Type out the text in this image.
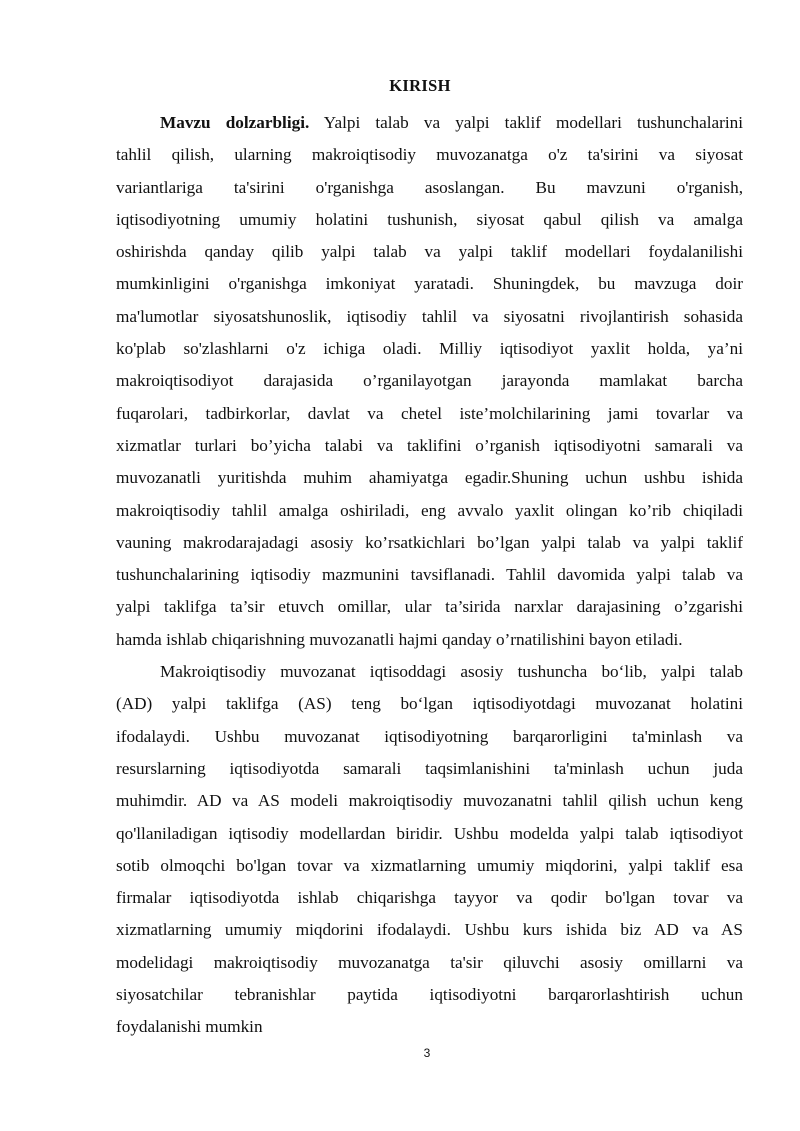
KIRISH
Mavzu dolzarbligi. Yalpi talab va yalpi taklif modellari tushunchalarini
tahlil qilish, ularning makroiqtisodiy muvozanatga o'z ta'sirini va siyosat
variantlariga ta'sirini o'rganishga asoslangan. Bu mavzuni o'rganish,
iqtisodiyotning umumiy holatini tushunish, siyosat qabul qilish va amalga
oshirishda qanday qilib yalpi talab va yalpi taklif modellari foydalanilishi
mumkinligini o'rganishga imkoniyat yaratadi. Shuningdek, bu mavzuga doir
ma'lumotlar siyosatshunoslik, iqtisodiy tahlil va siyosatni rivojlantirish sohasida
ko'plab so'zlashlarni o'z ichiga oladi. Milliy iqtisodiyot yaxlit holda, ya’ni
makroiqtisodiyot darajasida o’rganilayotgan jarayonda mamlakat barcha
fuqarolari, tadbirkorlar, davlat va chetel iste’molchilarining jami tovarlar va
xizmatlar turlari bo’yicha talabi va taklifini o’rganish iqtisodiyotni samarali va
muvozanatli yuritishda muhim ahamiyatga egadir.Shuning uchun ushbu ishida
makroiqtisodiy tahlil amalga oshiriladi, eng avvalo yaxlit olingan ko’rib chiqiladi
vauning makrodarajadagi asosiy ko’rsatkichlari bo’lgan yalpi talab va yalpi taklif
tushunchalarining iqtisodiy mazmunini tavsiflanadi. Tahlil davomida yalpi talab va
yalpi taklifga ta’sir etuvch omillar, ular ta’sirida narxlar darajasining o’zgarishi
hamda ishlab chiqarishning muvozanatli hajmi qanday o’rnatilishini bayon etiladi.
Makroiqtisodiy muvozanat iqtisoddagi asosiy tushuncha bo‘lib, yalpi talab
(AD) yalpi taklifga (AS) teng bo‘lgan iqtisodiyotdagi muvozanat holatini
ifodalaydi. Ushbu muvozanat iqtisodiyotning barqarorligini ta'minlash va
resurslarning iqtisodiyotda samarali taqsimlanishini ta'minlash uchun juda
muhimdir. AD va AS modeli makroiqtisodiy muvozanatni tahlil qilish uchun keng
qo'llaniladigan iqtisodiy modellardan biridir. Ushbu modelda yalpi talab iqtisodiyot
sotib olmoqchi bo'lgan tovar va xizmatlarning umumiy miqdorini, yalpi taklif esa
firmalar iqtisodiyotda ishlab chiqarishga tayyor va qodir bo'lgan tovar va
xizmatlarning umumiy miqdorini ifodalaydi. Ushbu kurs ishida biz AD va AS
modelidagi makroiqtisodiy muvozanatga ta'sir qiluvchi asosiy omillarni va
siyosatchilar tebranishlar paytida iqtisodiyotni barqarorlashtirish uchun
foydalanishi mumkin
3
